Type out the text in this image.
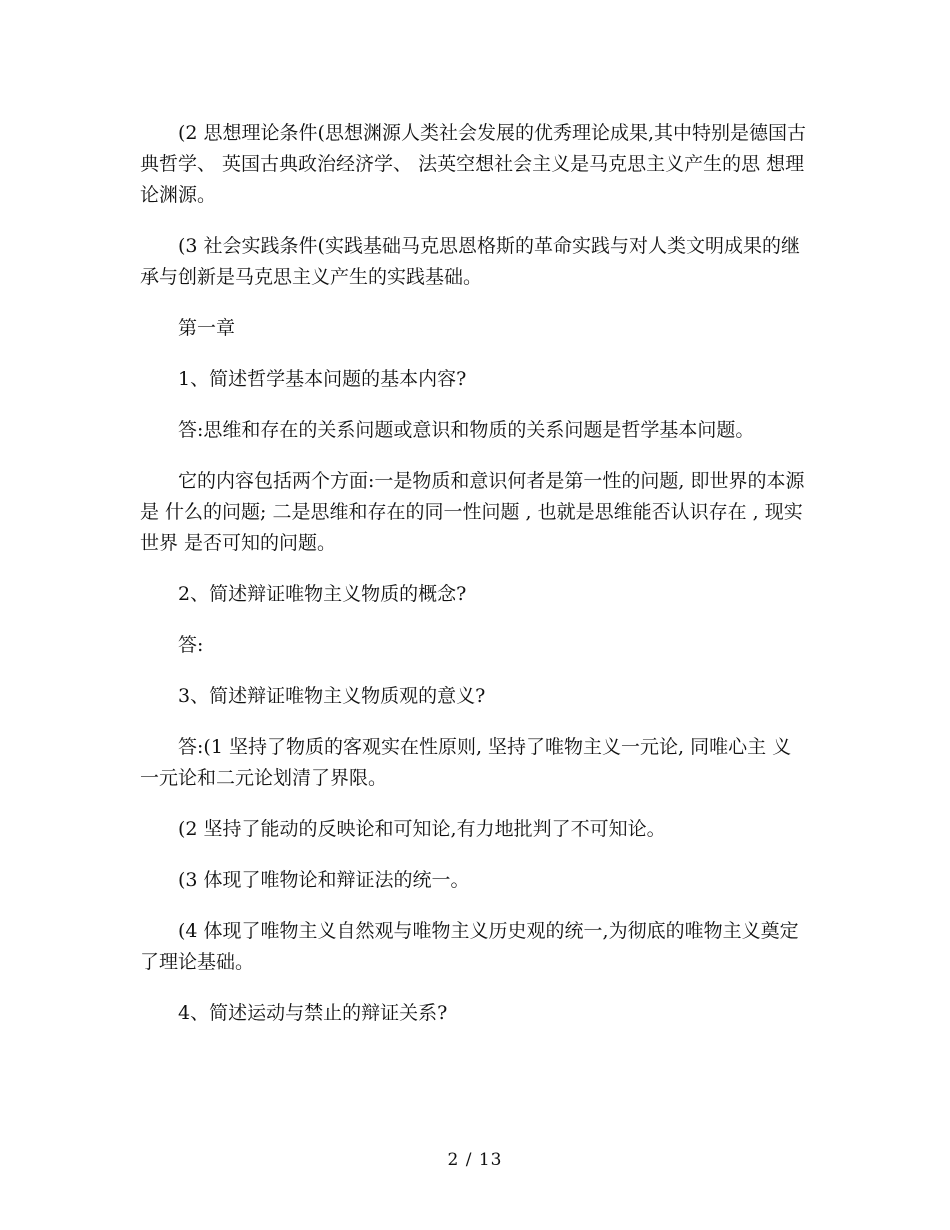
(2 思想理论条件(思想渊源人类社会发展的优秀理论成果,其中特别是德国古典哲学、 英国古典政治经济学、 法英空想社会主义是马克思主义产生的思 想理论渊源。

(3 社会实践条件(实践基础马克思恩格斯的革命实践与对人类文明成果的继承与创新是马克思主义产生的实践基础。

第一章

1、简述哲学基本问题的基本内容?

答:思维和存在的关系问题或意识和物质的关系问题是哲学基本问题。

它的内容包括两个方面:一是物质和意识何者是第一性的问题, 即世界的本源是 什么的问题; 二是思维和存在的同一性问题 , 也就是思维能否认识存在 , 现实世界 是否可知的问题。

2、简述辩证唯物主义物质的概念?

答:

3、简述辩证唯物主义物质观的意义?

答:(1 坚持了物质的客观实在性原则, 坚持了唯物主义一元论, 同唯心主 义一元论和二元论划清了界限。

(2 坚持了能动的反映论和可知论,有力地批判了不可知论。

(3 体现了唯物论和辩证法的统一。

(4 体现了唯物主义自然观与唯物主义历史观的统一,为彻底的唯物主义奠定了理论基础。

4、简述运动与禁止的辩证关系?

2 / 13
